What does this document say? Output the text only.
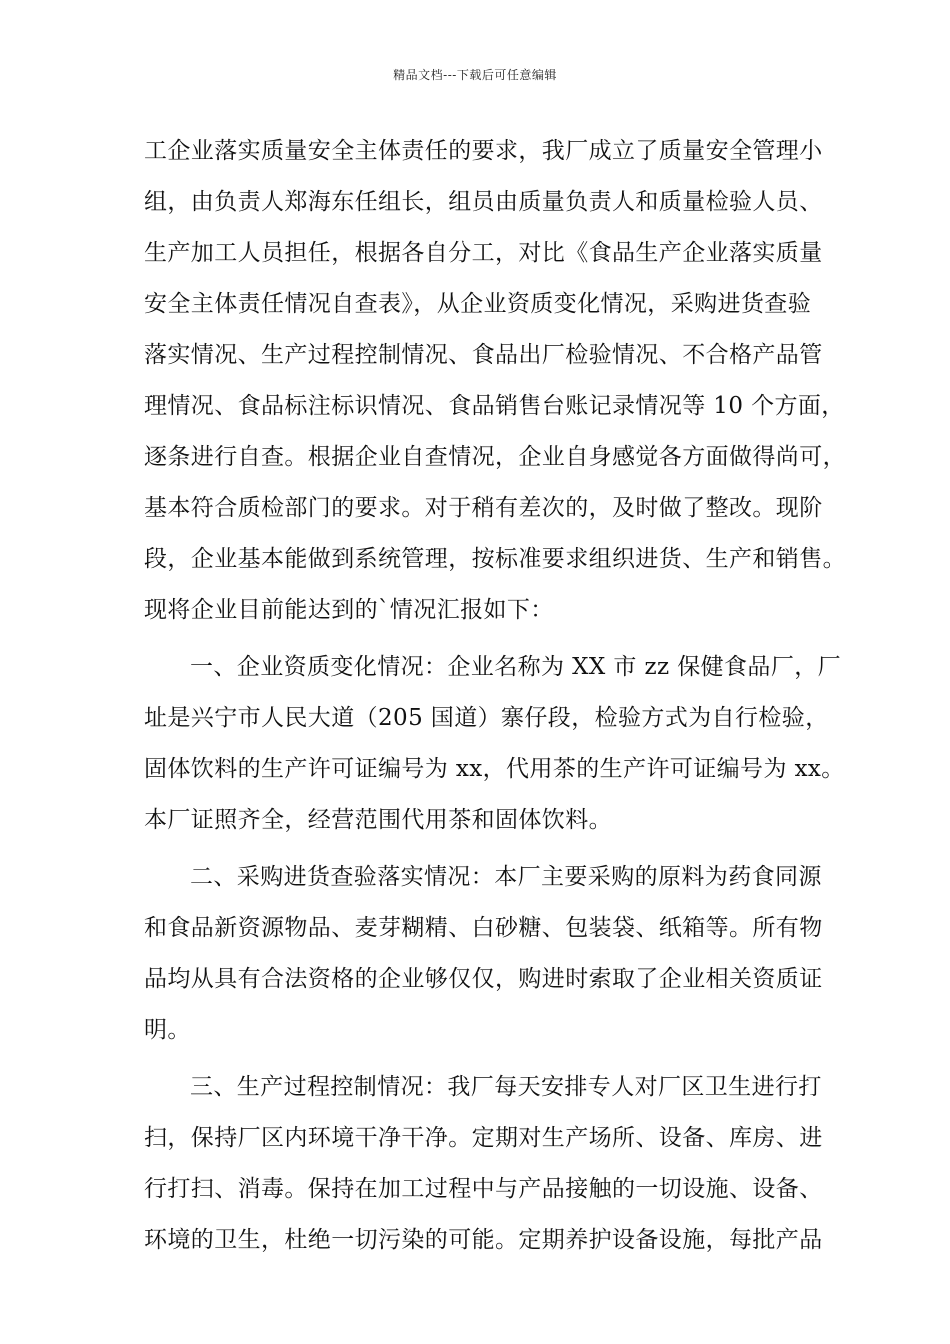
精品文档---下载后可任意编辑
工企业落实质量安全主体责任的要求，我厂成立了质量安全管理小
组，由负责人郑海东任组长，组员由质量负责人和质量检验人员、
生产加工人员担任，根据各自分工，对比《食品生产企业落实质量
安全主体责任情况自查表》，从企业资质变化情况，采购进货查验
落实情况、生产过程控制情况、食品出厂检验情况、不合格产品管
理情况、食品标注标识情况、食品销售台账记录情况等 10 个方面，
逐条进行自查。根据企业自查情况，企业自身感觉各方面做得尚可，
基本符合质检部门的要求。对于稍有差次的，及时做了整改。现阶
段，企业基本能做到系统管理，按标准要求组织进货、生产和销售。
现将企业目前能达到的`情况汇报如下：
一、企业资质变化情况：企业名称为 XX 市 zz 保健食品厂，厂
址是兴宁市人民大道（205 国道）寨仔段，检验方式为自行检验，
固体饮料的生产许可证编号为 xx，代用茶的生产许可证编号为 xx。
本厂证照齐全，经营范围代用茶和固体饮料。
二、采购进货查验落实情况：本厂主要采购的原料为药食同源
和食品新资源物品、麦芽糊精、白砂糖、包装袋、纸箱等。所有物
品均从具有合法资格的企业够仅仅，购进时索取了企业相关资质证
明。
三、生产过程控制情况：我厂每天安排专人对厂区卫生进行打
扫，保持厂区内环境干净干净。定期对生产场所、设备、库房、进
行打扫、消毒。保持在加工过程中与产品接触的一切设施、设备、
环境的卫生，杜绝一切污染的可能。定期养护设备设施，每批产品
